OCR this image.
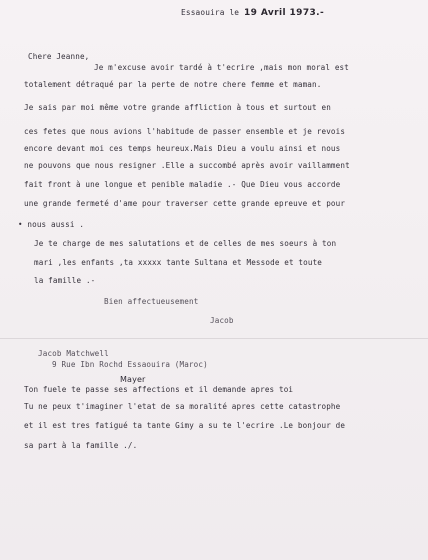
Essaouira le 19 Avril 1973.-
Chere Jeanne,
Je m'excuse avoir tardé à t'ecrire ,mais mon moral est
totalement détraqué par la perte de notre chere femme et maman.
Je sais par moi même votre grande affliction à tous et surtout en
ces fetes que nous avions l'habitude de passer ensemble et je revois
encore devant moi ces temps heureux.Mais Dieu a voulu ainsi et nous
ne pouvons que nous resigner .Elle a succombé après avoir vaillamment
fait front à une longue et penible maladie .- Que Dieu vous accorde
une grande fermeté d'ame pour traverser cette grande epreuve et pour
• nous aussi .
Je te charge de mes salutations et de celles de mes soeurs à ton
mari ,les enfants ,ta xxxxx tante Sultana et Messode et toute
la famille .-
Bien affectueusement
Jacob
Jacob Matchwell
9 Rue Ibn Rochd Essaouira (Maroc)
Mayer
Ton fuele te passe ses affections et il demande apres toi
Tu ne peux t'imaginer l'etat de sa moralité apres cette catastrophe
et il est tres fatigué ta tante Gimy a su te l'ecrire .Le bonjour de
sa part à la famille ./.
